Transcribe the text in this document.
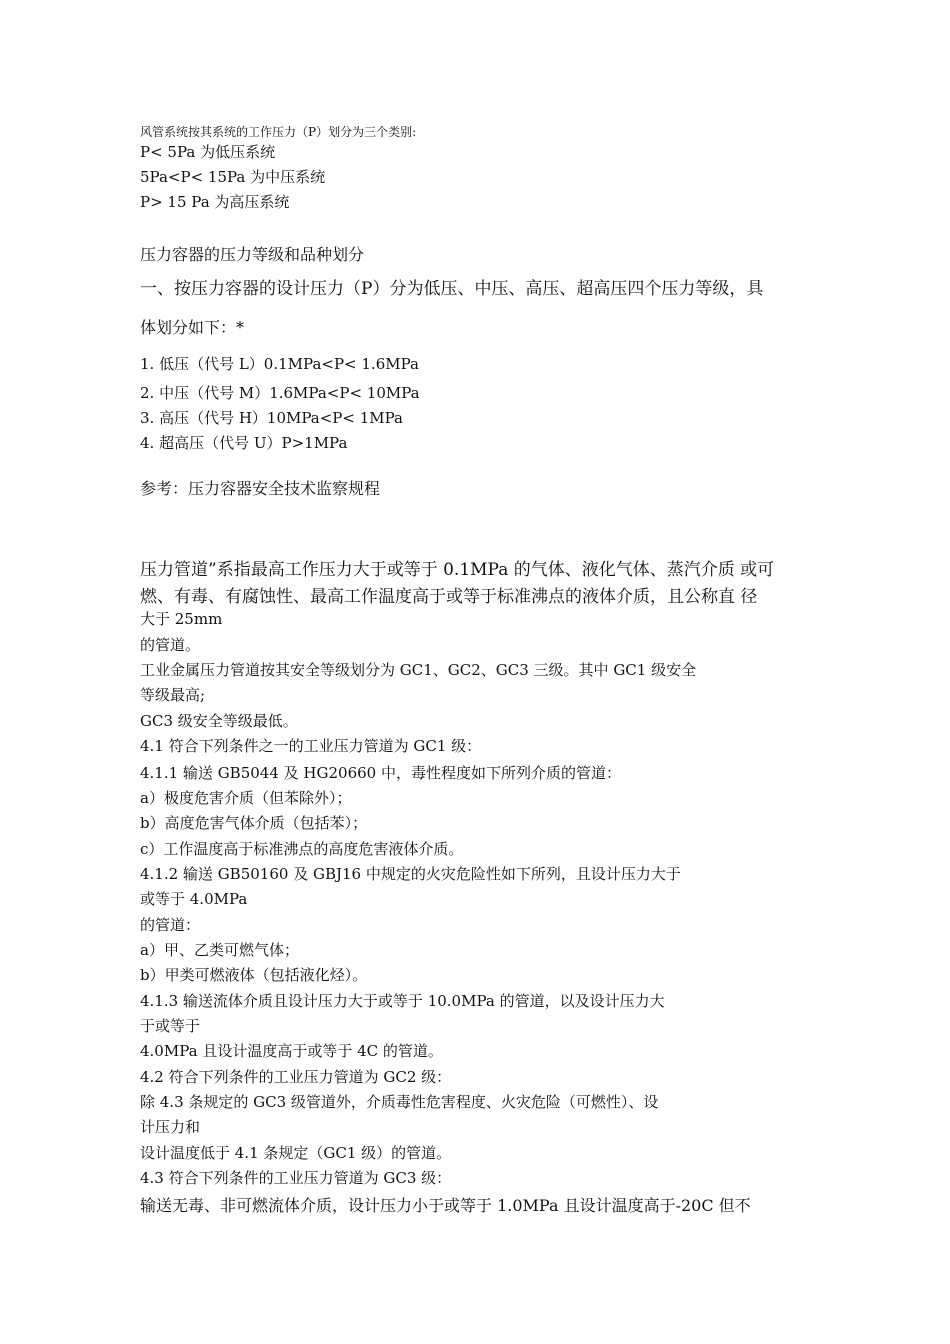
风管系统按其系统的工作压力（P）划分为三个类别:
P< 5Pa 为低压系统
5Pa<P< 15Pa 为中压系统
P> 15 Pa 为高压系统
压力容器的压力等级和品种划分
一、按压力容器的设计压力（P）分为低压、中压、高压、超高压四个压力等级，具
体划分如下：*
1. 低压（代号 L）0.1MPa<P< 1.6MPa
2. 中压（代号 M）1.6MPa<P< 10MPa
3. 高压（代号 H）10MPa<P< 1MPa
4. 超高压（代号 U）P>1MPa
参考：压力容器安全技术监察规程
压力管道”系指最高工作压力大于或等于 0.1MPa 的气体、液化气体、蒸汽介质 或可
燃、有毒、有腐蚀性、最高工作温度高于或等于标准沸点的液体介质，且公称直 径
大于 25mm
的管道。
工业金属压力管道按其安全等级划分为 GC1、GC2、GC3 三级。其中 GC1 级安全
等级最高;
GC3 级安全等级最低。
4.1 符合下列条件之一的工业压力管道为 GC1 级：
4.1.1 输送 GB5044 及 HG20660 中，毒性程度如下所列介质的管道：
a）极度危害介质（但苯除外）；
b）高度危害气体介质（包括苯）；
c）工作温度高于标准沸点的高度危害液体介质。
4.1.2 输送 GB50160 及 GBJ16 中规定的火灾危险性如下所列，且设计压力大于
或等于 4.0MPa
的管道：
a）甲、乙类可燃气体；
b）甲类可燃液体（包括液化烃）。
4.1.3 输送流体介质且设计压力大于或等于 10.0MPa 的管道，以及设计压力大
于或等于
4.0MPa 且设计温度高于或等于 4C 的管道。
4.2 符合下列条件的工业压力管道为 GC2 级：
除 4.3 条规定的 GC3 级管道外，介质毒性危害程度、火灾危险（可燃性）、设
计压力和
设计温度低于 4.1 条规定（GC1 级）的管道。
4.3 符合下列条件的工业压力管道为 GC3 级：
输送无毒、非可燃流体介质，设计压力小于或等于 1.0MPa 且设计温度高于-20C 但不
